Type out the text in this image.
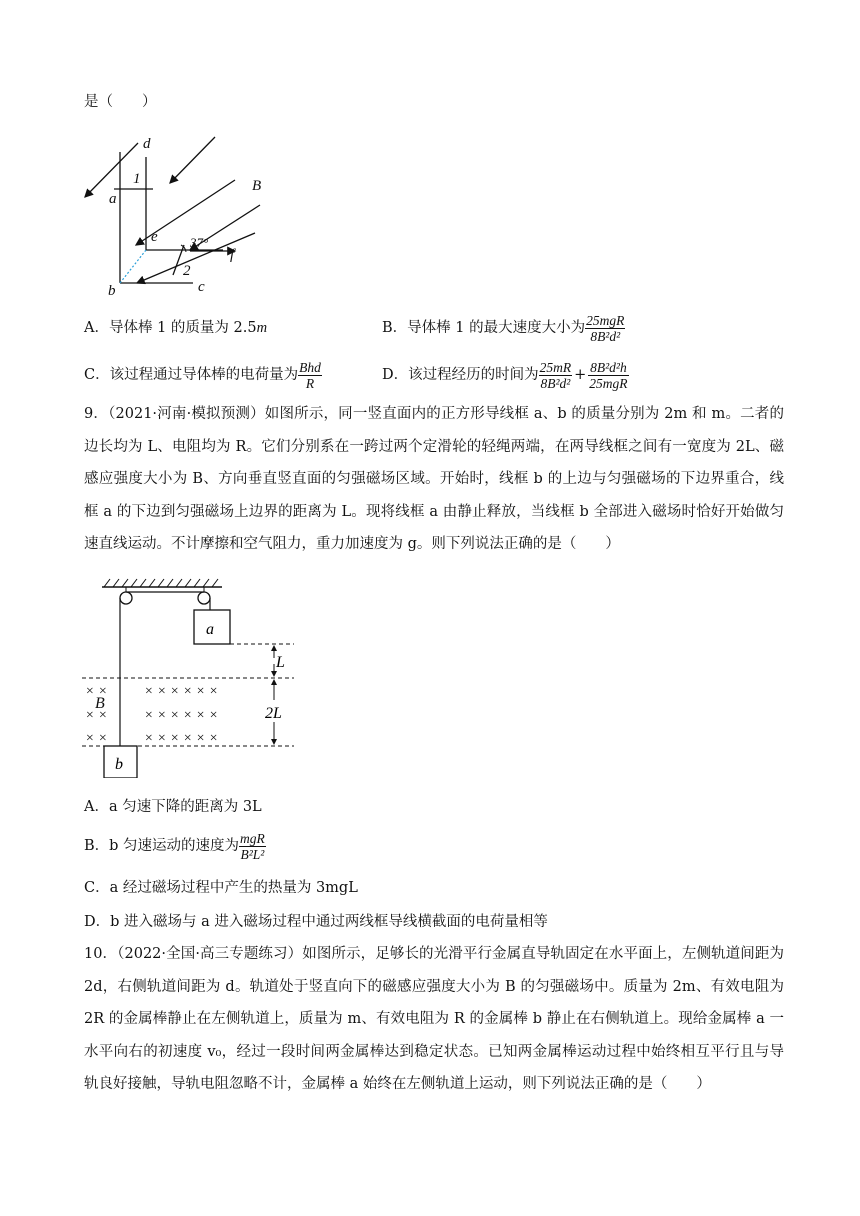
是（　　）
d
a
1	B
e 37°
f
2
b	c
A．导体棒 1 的质量为 2.5m	B．导体棒 1 的最大速度大小为 $\frac{\text{25mgR}}{\text{8B²d²}}$
C．该过程通过导体棒的电荷量为 $\frac{\text{Bhd}}{R}$	D．该过程经历的时间为 $\frac{25mR}{\text{8B²d²}} + \frac{\text{8B²d²h}}{\text{25mgR}}$
9．（2021·河南·模拟预测）如图所示，同一竖直面内的正方形导线框 a、b 的质量分别为 2m 和 m。二者的边长均为 L、电阻均为 R。它们分别系在一跨过两个定滑轮的轻绳两端，在两导线框之间有一宽度为 2L、磁感应强度大小为 B、方向垂直竖直面的匀强磁场区域。开始时，线框 b 的上边与匀强磁场的下边界重合，线框 a 的下边到匀强磁场上边界的距离为 L。现将线框 a 由静止释放，当线框 b 全部进入磁场时恰好开始做匀速直线运动。不计摩擦和空气阻力，重力加速度为 g。则下列说法正确的是（　　）
a
× ×	× × × × × ×
× ×	× × × × × ×
× ×	× × × × × ×
B
b
L
2L
A．a 匀速下降的距离为 3L
B．b 匀速运动的速度为 $\frac{\text{mgR}}{\text{B²L²}}$
C．a 经过磁场过程中产生的热量为 3mgL
D．b 进入磁场与 a 进入磁场过程中通过两线框导线横截面的电荷量相等
10．（2022·全国·高三专题练习）如图所示，足够长的光滑平行金属直导轨固定在水平面上，左侧轨道间距为 2d，右侧轨道间距为 d。轨道处于竖直向下的磁感应强度大小为 B 的匀强磁场中。质量为 2m、有效电阻为 2R 的金属棒静止在左侧轨道上，质量为 m、有效电阻为 R 的金属棒 b 静止在右侧轨道上。现给金属棒 a 一水平向右的初速度 v₀，经过一段时间两金属棒达到稳定状态。已知两金属棒运动过程中始终相互平行且与导轨良好接触，导轨电阻忽略不计，金属棒 a 始终在左侧轨道上运动，则下列说法正确的是（　　）
